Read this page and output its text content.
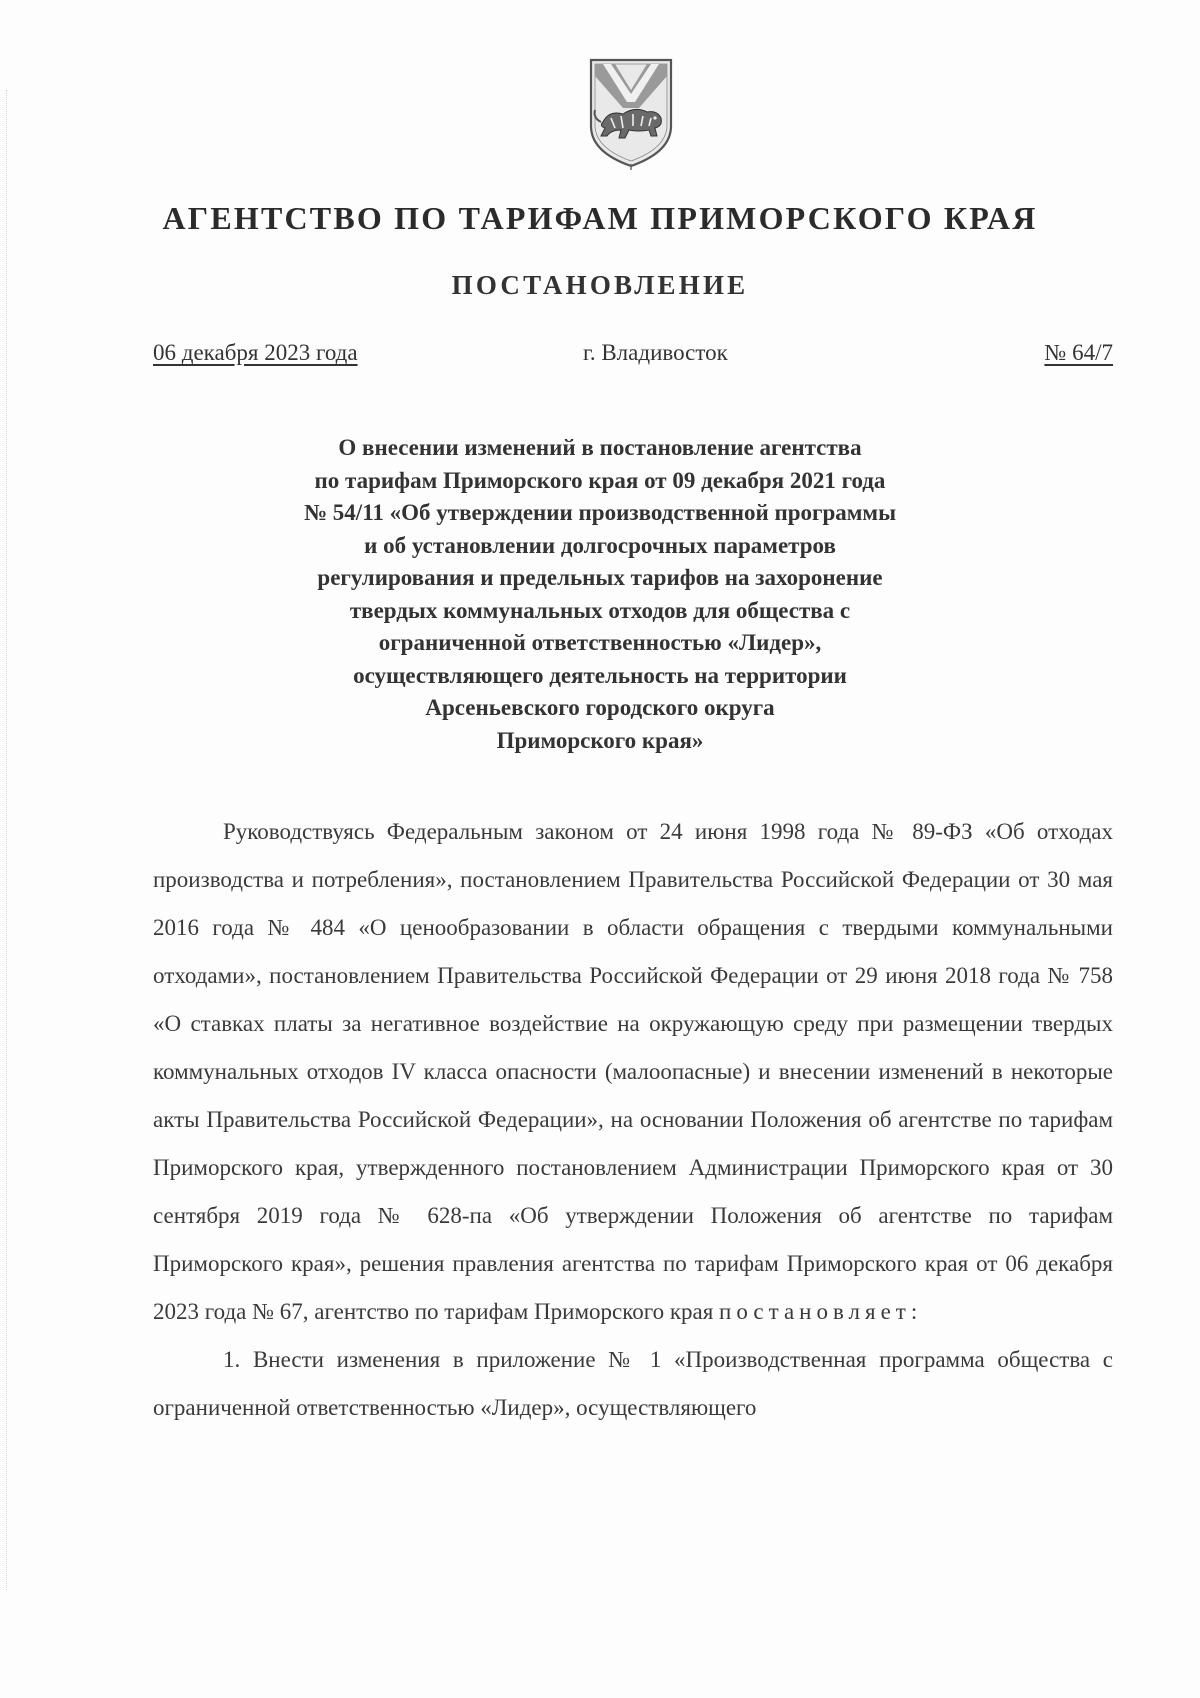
АГЕНТСТВО ПО ТАРИФАМ ПРИМОРСКОГО КРАЯ
ПОСТАНОВЛЕНИЕ
06 декабря 2023 года	г. Владивосток	№ 64/7
О внесении изменений в постановление агентства
по тарифам Приморского края от 09 декабря 2021 года
№ 54/11 «Об утверждении производственной программы
и об установлении долгосрочных параметров
регулирования и предельных тарифов на захоронение
твердых коммунальных отходов для общества с
ограниченной ответственностью «Лидер»,
осуществляющего деятельность на территории
Арсеньевского городского округа
Приморского края»

Руководствуясь Федеральным законом от 24 июня 1998 года № 89-ФЗ «Об отходах производства и потребления», постановлением Правительства Российской Федерации от 30 мая 2016 года № 484 «О ценообразовании в области обращения с твердыми коммунальными отходами», постановлением Правительства Российской Федерации от 29 июня 2018 года № 758 «О ставках платы за негативное воздействие на окружающую среду при размещении твердых коммунальных отходов IV класса опасности (малоопасные) и внесении изменений в некоторые акты Правительства Российской Федерации», на основании Положения об агентстве по тарифам Приморского края, утвержденного постановлением Администрации Приморского края от 30 сентября 2019 года № 628-па «Об утверждении Положения об агентстве по тарифам Приморского края», решения правления агентства по тарифам Приморского края от 06 декабря 2023 года № 67, агентство по тарифам Приморского края постановляет:

1. Внести изменения в приложение № 1 «Производственная программа общества с ограниченной ответственностью «Лидер», осуществляющего
